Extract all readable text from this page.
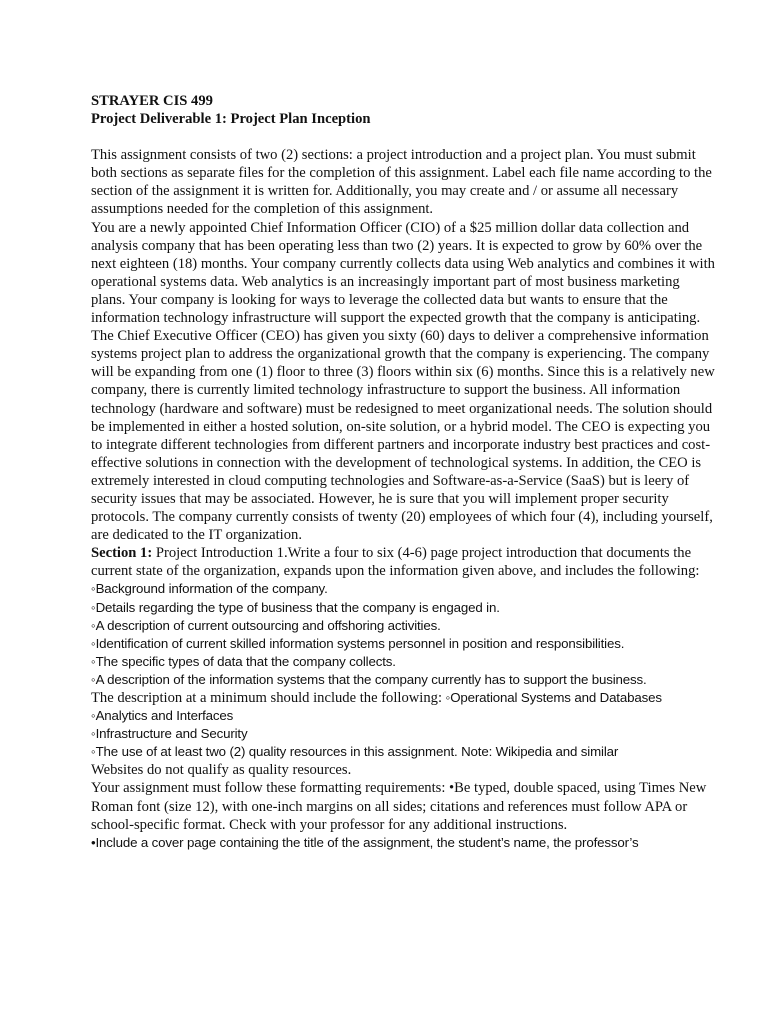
STRAYER CIS 499

Project Deliverable 1: Project Plan Inception

This assignment consists of two (2) sections: a project introduction and a project plan. You must submit both sections as separate files for the completion of this assignment. Label each file name according to the section of the assignment it is written for. Additionally, you may create and / or assume all necessary assumptions needed for the completion of this assignment.

You are a newly appointed Chief Information Officer (CIO) of a $25 million dollar data collection and analysis company that has been operating less than two (2) years. It is expected to grow by 60% over the next eighteen (18) months. Your company currently collects data using Web analytics and combines it with operational systems data. Web analytics is an increasingly important part of most business marketing plans. Your company is looking for ways to leverage the collected data but wants to ensure that the information technology infrastructure will support the expected growth that the company is anticipating. The Chief Executive Officer (CEO) has given you sixty (60) days to deliver a comprehensive information systems project plan to address the organizational growth that the company is experiencing. The company will be expanding from one (1) floor to three (3) floors within six (6) months. Since this is a relatively new company, there is currently limited technology infrastructure to support the business. All information technology (hardware and software) must be redesigned to meet organizational needs. The solution should be implemented in either a hosted solution, on-site solution, or a hybrid model. The CEO is expecting you to integrate different technologies from different partners and incorporate industry best practices and cost-effective solutions in connection with the development of technological systems. In addition, the CEO is extremely interested in cloud computing technologies and Software-as-a-Service (SaaS) but is leery of security issues that may be associated. However, he is sure that you will implement proper security protocols. The company currently consists of twenty (20) employees of which four (4), including yourself, are dedicated to the IT organization.

Section 1: Project Introduction 1.Write a four to six (4-6) page project introduction that documents the current state of the organization, expands upon the information given above, and includes the following: ◦Background information of the company.

◦Details regarding the type of business that the company is engaged in.

◦A description of current outsourcing and offshoring activities.

◦Identification of current skilled information systems personnel in position and responsibilities.

◦The specific types of data that the company collects.

◦A description of the information systems that the company currently has to support the business.

The description at a minimum should include the following: ◦Operational Systems and Databases

◦Analytics and Interfaces

◦Infrastructure and Security

◦The use of at least two (2) quality resources in this assignment. Note: Wikipedia and similar

Websites do not qualify as quality resources.

Your assignment must follow these formatting requirements: •Be typed, double spaced, using Times New Roman font (size 12), with one-inch margins on all sides; citations and references must follow APA or school-specific format. Check with your professor for any additional instructions.

•Include a cover page containing the title of the assignment, the student’s name, the professor’s
